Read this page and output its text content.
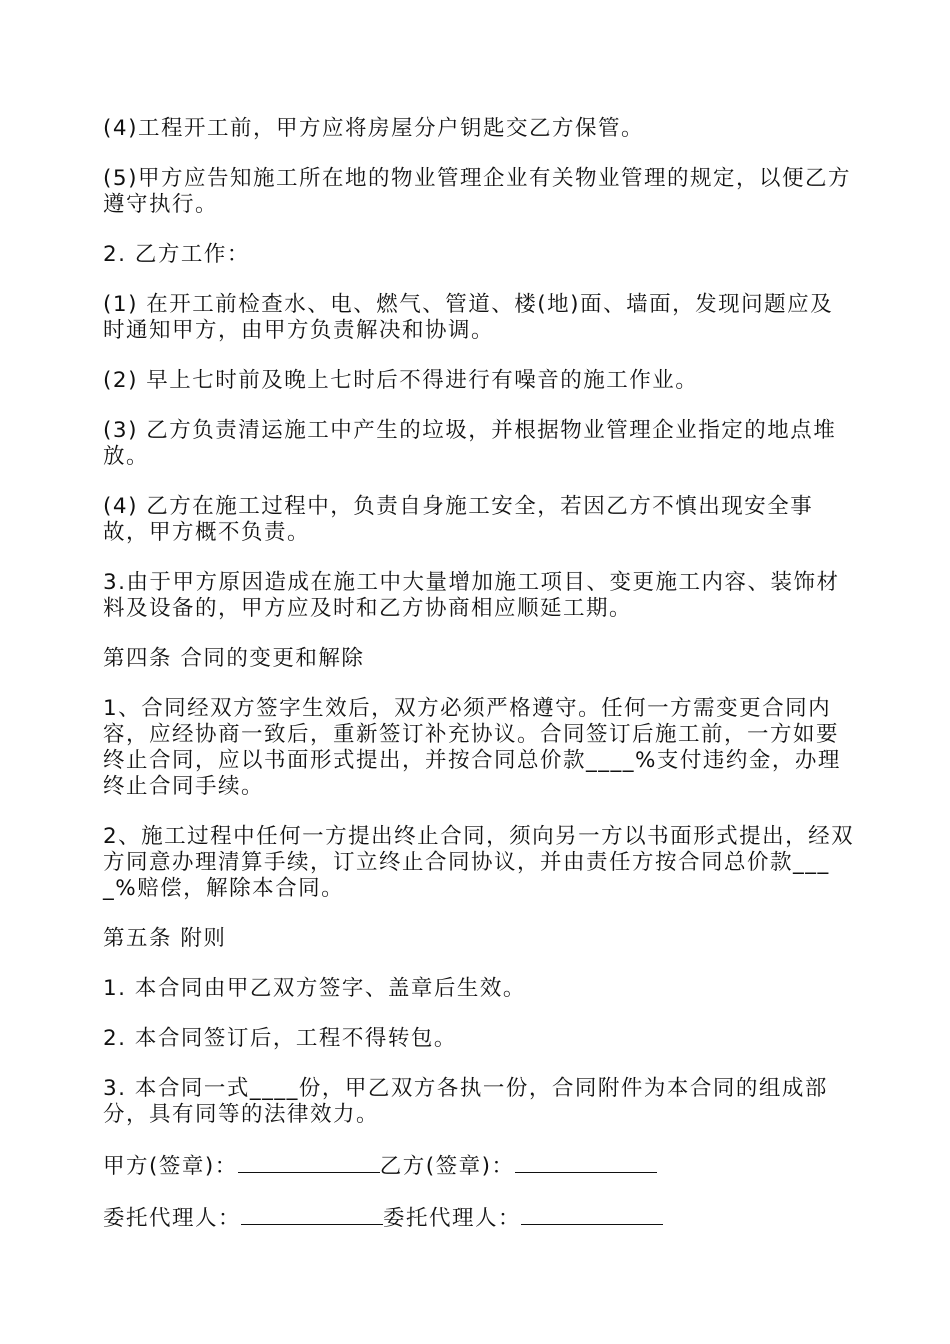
(4)工程开工前，甲方应将房屋分户钥匙交乙方保管。

(5)甲方应告知施工所在地的物业管理企业有关物业管理的规定，以便乙方遵守执行。

2. 乙方工作：

(1) 在开工前检查水、电、燃气、管道、楼(地)面、墙面，发现问题应及时通知甲方，由甲方负责解决和协调。

(2) 早上七时前及晚上七时后不得进行有噪音的施工作业。

(3) 乙方负责清运施工中产生的垃圾，并根据物业管理企业指定的地点堆放。

(4) 乙方在施工过程中，负责自身施工安全，若因乙方不慎出现安全事故，甲方概不负责。

3.由于甲方原因造成在施工中大量增加施工项目、变更施工内容、装饰材料及设备的，甲方应及时和乙方协商相应顺延工期。

第四条 合同的变更和解除

1、合同经双方签字生效后，双方必须严格遵守。任何一方需变更合同内容，应经协商一致后，重新签订补充协议。合同签订后施工前，一方如要终止合同，应以书面形式提出，并按合同总价款____%支付违约金，办理终止合同手续。

2、施工过程中任何一方提出终止合同，须向另一方以书面形式提出，经双方同意办理清算手续，订立终止合同协议，并由责任方按合同总价款____%赔偿，解除本合同。

第五条 附则

1. 本合同由甲乙双方签字、盖章后生效。

2. 本合同签订后，工程不得转包。

3. 本合同一式____份，甲乙双方各执一份，合同附件为本合同的组成部分，具有同等的法律效力。

甲方(签章)：	乙方(签章)：
委托代理人：	委托代理人：
